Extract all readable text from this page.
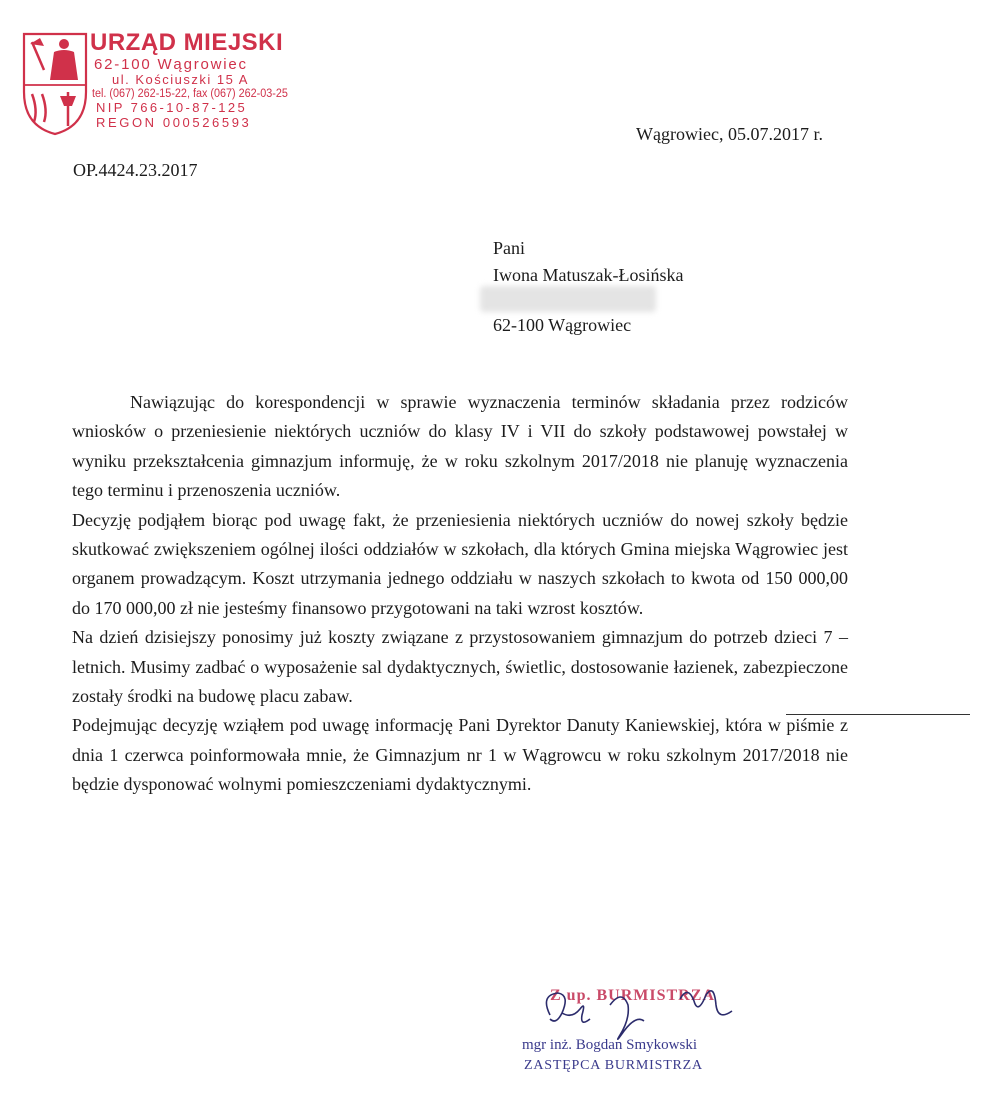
URZĄD MIEJSKI
62-100 Wągrowiec
ul. Kościuszki 15 A
tel. (067) 262-15-22, fax (067) 262-03-25
NIP 766-10-87-125
REGON 000526593
Wągrowiec, 05.07.2017 r.
OP.4424.23.2017
Pani
Iwona Matuszak-Łosińska
62-100 Wągrowiec

Nawiązując do korespondencji w sprawie wyznaczenia terminów składania przez rodziców wniosków o przeniesienie niektórych uczniów do klasy IV i VII do szkoły podstawowej powstałej w wyniku przekształcenia gimnazjum informuję, że w roku szkolnym 2017/2018 nie planuję wyznaczenia tego terminu i przenoszenia uczniów.

Decyzję podjąłem biorąc pod uwagę fakt, że przeniesienia niektórych uczniów do nowej szkoły będzie skutkować zwiększeniem ogólnej ilości oddziałów w szkołach, dla których Gmina miejska Wągrowiec jest organem prowadzącym. Koszt utrzymania jednego oddziału w naszych szkołach to kwota od 150 000,00 do 170 000,00 zł nie jesteśmy finansowo przygotowani na taki wzrost kosztów.

Na dzień dzisiejszy ponosimy już koszty związane z przystosowaniem gimnazjum do potrzeb dzieci 7 – letnich. Musimy zadbać o wyposażenie sal dydaktycznych, świetlic, dostosowanie łazienek, zabezpieczone zostały środki na budowę placu zabaw.

Podejmując decyzję wziąłem pod uwagę informację Pani Dyrektor Danuty Kaniewskiej, która w piśmie z dnia 1 czerwca poinformowała mnie, że Gimnazjum nr 1 w Wągrowcu w roku szkolnym 2017/2018 nie będzie dysponować wolnymi pomieszczeniami dydaktycznymi.

Z up. BURMISTRZA
mgr inż. Bogdan Smykowski
ZASTĘPCA BURMISTRZA
